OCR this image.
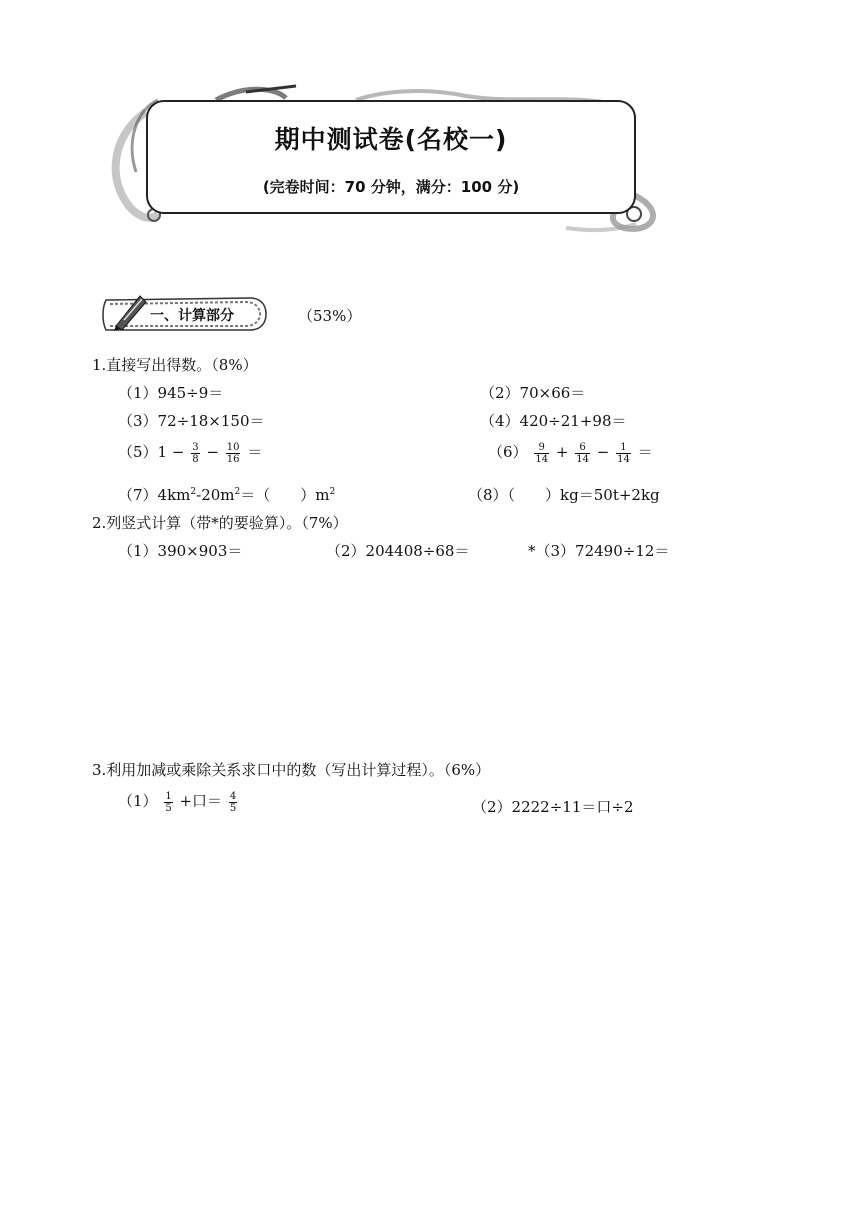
期中测试卷(名校一)
(完卷时间：70 分钟，满分：100 分)
一、计算部分	（53%）
1.直接写出得数。（8%）
（1）945÷9＝	（2）70×66＝
（3）72÷18×150＝	（4）420÷21+98＝
$(5)1 - \frac{3}{8} - \frac{10}{16}$ ＝	$(6) \frac{9}{14} + \frac{6}{14} - \frac{1}{14}$ ＝
$(7)4km^2-20m^2=$（　　）$m^2$	（8）（　　）kg＝50t+2kg
2.列竖式计算（带*的要验算）。（7%）
（1）390×903＝	（2）204408÷68＝	*（3）72490÷12＝
3.利用加减或乘除关系求口中的数（写出计算过程）。（6%）
$(1) \frac{1}{5}$ +口＝ $\frac{4}{5}$	（2）2222÷11＝口÷2
